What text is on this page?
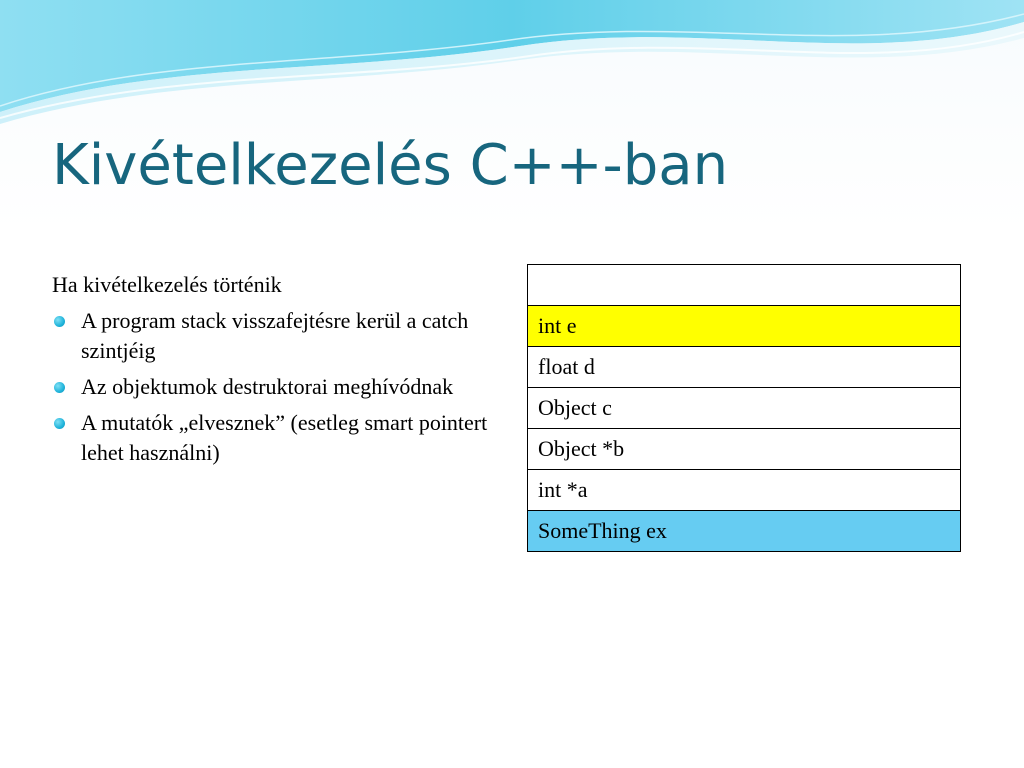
Kivételkezelés C++-ban

Ha kivételkezelés történik

A program stack visszafejtésre kerül a catch szintjéig
Az objektumok destruktorai meghívódnak
A mutatók „elvesznek” (esetleg smart pointert lehet használni)

int e
float d
Object c
Object *b
int *a
SomeThing ex
